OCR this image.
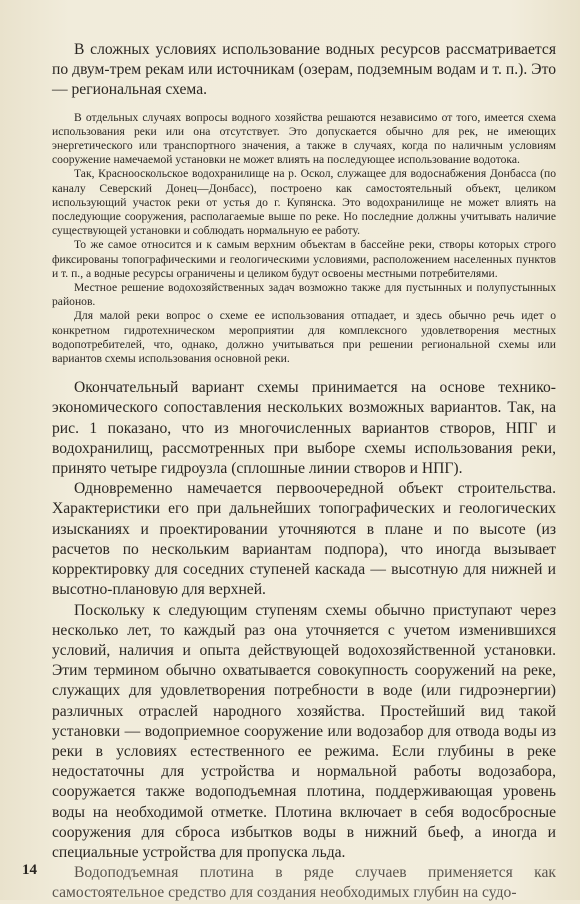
В сложных условиях использование водных ресурсов рассматривается по двум-трем рекам или источникам (озерам, подземным водам и т. п.). Это — региональная схема.

В отдельных случаях вопросы водного хозяйства решаются независимо от того, имеется схема использования реки или она отсутствует. Это допускается обычно для рек, не имеющих энергетического или транспортного значения, а также в случаях, когда по наличным условиям сооружение намечаемой установки не может влиять на последующее использование водотока.

Так, Краснооскольское водохранилище на р. Оскол, служащее для водоснабжения Донбасса (по каналу Северский Донец—Донбасс), построено как самостоятельный объект, целиком использующий участок реки от устья до г. Купянска. Это водохранилище не может влиять на последующие сооружения, располагаемые выше по реке. Но последние должны учитывать наличие существующей установки и соблюдать нормальную ее работу.

То же самое относится и к самым верхним объектам в бассейне реки, створы которых строго фиксированы топографическими и геологическими условиями, расположением населенных пунктов и т. п., а водные ресурсы ограничены и целиком будут освоены местными потребителями.

Местное решение водохозяйственных задач возможно также для пустынных и полупустынных районов.

Для малой реки вопрос о схеме ее использования отпадает, и здесь обычно речь идет о конкретном гидротехническом мероприятии для комплексного удовлетворения местных водопотребителей, что, однако, должно учитываться при решении региональной схемы или вариантов схемы использования основной реки.

Окончательный вариант схемы принимается на основе технико-экономического сопоставления нескольких возможных вариантов. Так, на рис. 1 показано, что из многочисленных вариантов створов, НПГ и водохранилищ, рассмотренных при выборе схемы использования реки, принято четыре гидроузла (сплошные линии створов и НПГ).

Одновременно намечается первоочередной объект строительства. Характеристики его при дальнейших топографических и геологических изысканиях и проектировании уточняются в плане и по высоте (из расчетов по нескольким вариантам подпора), что иногда вызывает корректировку для соседних ступеней каскада — высотную для нижней и высотно-плановую для верхней.

Поскольку к следующим ступеням схемы обычно приступают через несколько лет, то каждый раз она уточняется с учетом изменившихся условий, наличия и опыта действующей водохозяйственной установки. Этим термином обычно охватывается совокупность сооружений на реке, служащих для удовлетворения потребности в воде (или гидроэнергии) различных отраслей народного хозяйства. Простейший вид такой установки — водоприемное сооружение или водозабор для отвода воды из реки в условиях естественного ее режима. Если глубины в реке недостаточны для устройства и нормальной работы водозабора, сооружается также водоподъемная плотина, поддерживающая уровень воды на необходимой отметке. Плотина включает в себя водосбросные сооружения для сброса избытков воды в нижний бьеф, а иногда и специальные устройства для пропуска льда.

Водоподъемная плотина в ряде случаев применяется как самостоятельное средство для создания необходимых глубин на судо-

14
